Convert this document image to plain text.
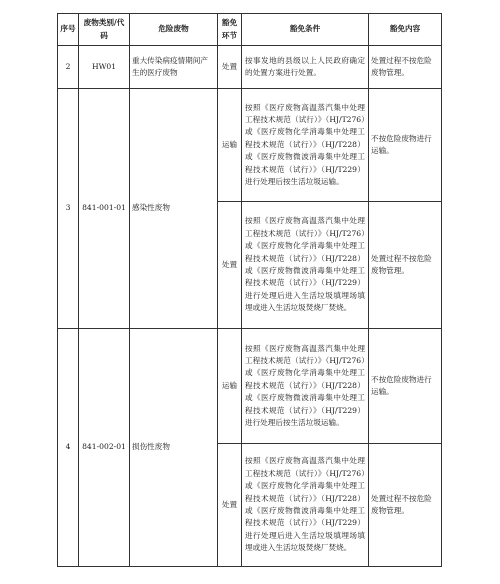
序号	废物类别/代码	危险废物	豁免环节	豁免条件	豁免内容
2	HW01	重大传染病疫情期间产生的医疗废物	处置	按事发地的县级以上人民政府确定的处置方案进行处置。	处置过程不按危险废物管理。
3	841-001-01	感染性废物	运输	按照《医疗废物高温蒸汽集中处理工程技术规范（试行）》（HJ/T276）或《医疗废物化学消毒集中处理工程技术规范（试行）》（HJ/T228）或《医疗废物微波消毒集中处理工程技术规范（试行）》（HJ/T229）进行处理后按生活垃圾运输。	不按危险废物进行运输。
			处置	按照《医疗废物高温蒸汽集中处理工程技术规范（试行）》（HJ/T276）或《医疗废物化学消毒集中处理工程技术规范（试行）》（HJ/T228）或《医疗废物微波消毒集中处理工程技术规范（试行）》（HJ/T229）进行处理后进入生活垃圾填埋场填埋或进入生活垃圾焚烧厂焚烧。	处置过程不按危险废物管理。
4	841-002-01	损伤性废物	运输	按照《医疗废物高温蒸汽集中处理工程技术规范（试行）》（HJ/T276）或《医疗废物化学消毒集中处理工程技术规范（试行）》（HJ/T228）或《医疗废物微波消毒集中处理工程技术规范（试行）》（HJ/T229）进行处理后按生活垃圾运输。	不按危险废物进行运输。
			处置	按照《医疗废物高温蒸汽集中处理工程技术规范（试行）》（HJ/T276）或《医疗废物化学消毒集中处理工程技术规范（试行）》（HJ/T228）或《医疗废物微波消毒集中处理工程技术规范（试行）》（HJ/T229）进行处理后进入生活垃圾填埋场填埋或进入生活垃圾焚烧厂焚烧。	处置过程不按危险废物管理。
